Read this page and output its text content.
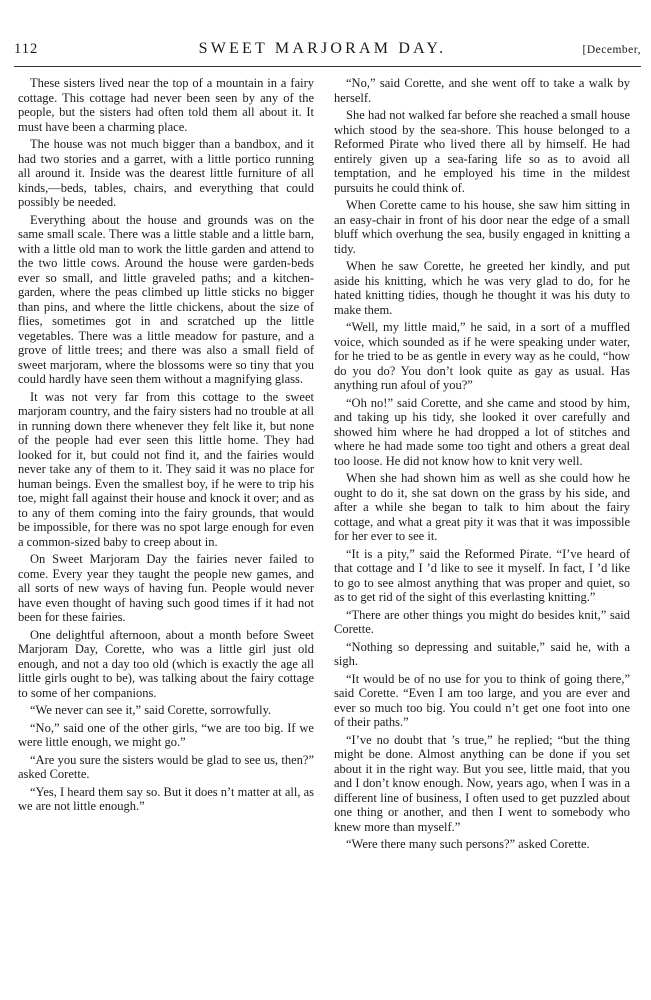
112	SWEET MARJORAM DAY.	[December,

These sisters lived near the top of a mountain in a fairy cottage. This cottage had never been seen by any of the people, but the sisters had often told them all about it. It must have been a charming place.

The house was not much bigger than a bandbox, and it had two stories and a garret, with a little portico running all around it. Inside was the dearest little furniture of all kinds,—beds, tables, chairs, and everything that could possibly be needed.

Everything about the house and grounds was on the same small scale. There was a little stable and a little barn, with a little old man to work the little garden and attend to the two little cows. Around the house were garden-beds ever so small, and little graveled paths; and a kitchen-garden, where the peas climbed up little sticks no bigger than pins, and where the little chickens, about the size of flies, sometimes got in and scratched up the little vegetables. There was a little meadow for pasture, and a grove of little trees; and there was also a small field of sweet marjoram, where the blossoms were so tiny that you could hardly have seen them without a magnifying glass.

It was not very far from this cottage to the sweet marjoram country, and the fairy sisters had no trouble at all in running down there whenever they felt like it, but none of the people had ever seen this little home. They had looked for it, but could not find it, and the fairies would never take any of them to it. They said it was no place for human beings. Even the smallest boy, if he were to trip his toe, might fall against their house and knock it over; and as to any of them coming into the fairy grounds, that would be impossible, for there was no spot large enough for even a common-sized baby to creep about in.

On Sweet Marjoram Day the fairies never failed to come. Every year they taught the people new games, and all sorts of new ways of having fun. People would never have even thought of having such good times if it had not been for these fairies.

One delightful afternoon, about a month before Sweet Marjoram Day, Corette, who was a little girl just old enough, and not a day too old (which is exactly the age all little girls ought to be), was talking about the fairy cottage to some of her companions.

“We never can see it,” said Corette, sorrowfully.

“No,” said one of the other girls, “we are too big. If we were little enough, we might go.”

“Are you sure the sisters would be glad to see us, then?” asked Corette.

“Yes, I heard them say so. But it does n’t matter at all, as we are not little enough.”

“No,” said Corette, and she went off to take a walk by herself.

She had not walked far before she reached a small house which stood by the sea-shore. This house belonged to a Reformed Pirate who lived there all by himself. He had entirely given up a sea-faring life so as to avoid all temptation, and he employed his time in the mildest pursuits he could think of.

When Corette came to his house, she saw him sitting in an easy-chair in front of his door near the edge of a small bluff which overhung the sea, busily engaged in knitting a tidy.

When he saw Corette, he greeted her kindly, and put aside his knitting, which he was very glad to do, for he hated knitting tidies, though he thought it was his duty to make them.

“Well, my little maid,” he said, in a sort of a muffled voice, which sounded as if he were speaking under water, for he tried to be as gentle in every way as he could, “how do you do? You don’t look quite as gay as usual. Has anything run afoul of you?”

“Oh no!” said Corette, and she came and stood by him, and taking up his tidy, she looked it over carefully and showed him where he had dropped a lot of stitches and where he had made some too tight and others a great deal too loose. He did not know how to knit very well.

When she had shown him as well as she could how he ought to do it, she sat down on the grass by his side, and after a while she began to talk to him about the fairy cottage, and what a great pity it was that it was impossible for her ever to see it.

“It is a pity,” said the Reformed Pirate. “I’ve heard of that cottage and I ’d like to see it myself. In fact, I ’d like to go to see almost anything that was proper and quiet, so as to get rid of the sight of this everlasting knitting.”

“There are other things you might do besides knit,” said Corette.

“Nothing so depressing and suitable,” said he, with a sigh.

“It would be of no use for you to think of going there,” said Corette. “Even I am too large, and you are ever and ever so much too big. You could n’t get one foot into one of their paths.”

“I’ve no doubt that ’s true,” he replied; “but the thing might be done. Almost anything can be done if you set about it in the right way. But you see, little maid, that you and I don’t know enough. Now, years ago, when I was in a different line of business, I often used to get puzzled about one thing or another, and then I went to somebody who knew more than myself.”

“Were there many such persons?” asked Corette.
